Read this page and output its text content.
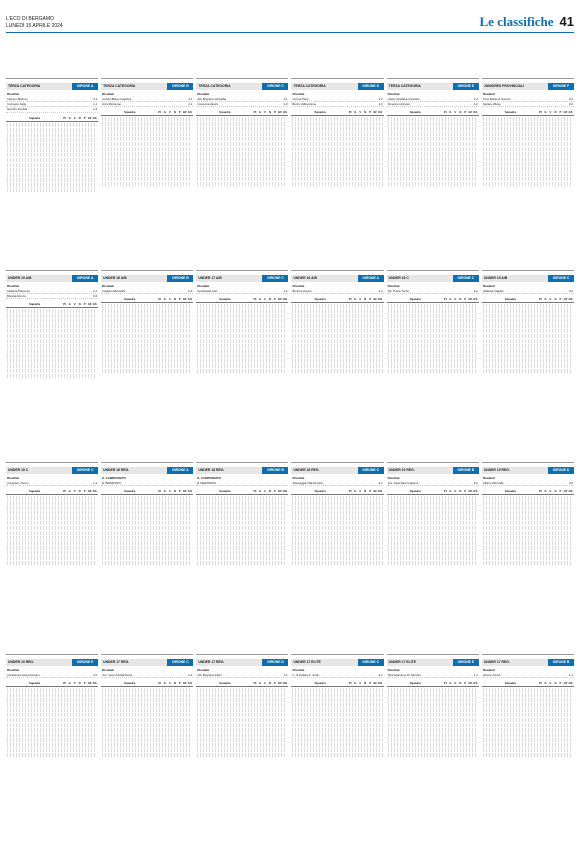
L'ECO DI BERGAMO
LUNEDÌ 15 APRILE 2024	Le classifiche 41
TERZA CATEGORIA	GIRONE A
Risultati
Caprino-Madone	3-1
Curnasco-Selle	1-1
Nembro-Pontida	2-3
Squadra	Pt G	V	N	P GF GS
TERZA CATEGORIA	GIRONE B
Risultati
Aurelio Blaise-Casazza	3-1
Arzo-Pedrengo	2-1
Squadra	Pt G	V	N	P GF GS
TERZA CATEGORIA	GIRONE C
Risultati
Alb. Brignano-Ghisalba	1-1
Canonica-Zanica	2-0
Squadra	Pt G	V	N	P GF GS
TERZA CATEGORIA	GIRONE D
Risultati
Gromo-Parre	2-2
Berzo-Valbondione	1-0
Squadra	Pt G	V	N	P GF GS
TERZA CATEGORIA	GIRONE E
Risultati
Calcio Ghisalba-Carobbio	1-2
Almenno-Urgnano	1-0
Squadra	Pt G	V	N	P GF GS
JUNIORES PROVINCIALI	GIRONE F
Risultati
Torre Boldone-Scanzo	0-2
Seriate-Villese	2-0
Squadra	Pt G	V	N	P GF GS
UNDER 19 A/B	GIRONE A
Risultati
Atalanta-Piacenza	2-1
Brescia-Monza	0-0
Squadra	Pt G	V	N	P GF GS
UNDER 18 A/B	GIRONE B
Risultati
Cagliari-Albinoleffe	0-3
Squadra	Pt G	V	N	P GF GS
UNDER 17 A/B	GIRONE C
Risultati
Feralpisalò-Inter	1-2
Squadra	Pt G	V	N	P GF GS
UNDER 16 A/B	GIRONE A
Risultati
Brescia-Verona	1-3
Squadra	Pt G	V	N	P GF GS
UNDER 16 C	GIRONE C
Risultati
Alb. Ponte-Torino	1-2
Squadra	Pt G	V	N	P GF GS
UNDER 15 A/B	GIRONE C
Risultati
Atalanta-Cagliari	3-2
Squadra	Pt G	V	N	P GF GS
UNDER 15 C	GIRONE C
Risultati
Arzignano-Trento	1-2
Squadra	Pt G	V	N	P GF GS
UNDER 18 REG.	GIRONE A
IL CAMPIONATO
È TERMINATO
Squadra	Pt G	V	N	P GF GS
UNDER 18 REG.	GIRONE B
IL CAMPIONATO
È TERMINATO
Squadra	Pt G	V	N	P GF GS
UNDER 18 REG.	GIRONE C
Risultati
Albosaggia-Villa Nembro	3-1
Squadra	Pt G	V	N	P GF GS
UNDER 19 REG.	GIRONE B
Risultati
Acc. Isola-Real Calepina	3-0
Squadra	Pt G	V	N	P GF GS
UNDER 19 REG.	GIRONE D
Risultati
Albino-Villa Valle	3-0
Squadra	Pt G	V	N	P GF GS
UNDER 19 REG.	GIRONE E
Risultati
Accademia Isola-Ciserano	2-0
Squadra	Pt G	V	N	P GF GS
UNDER 17 REG.	GIRONE C
Risultati
Acc. Gera d'Adda-Ponte	2-2
Squadra	Pt G	V	N	P GF GS
UNDER 17 REG.	GIRONE D
Risultati
Alb. Brignano-Falco	1-1
Squadra	Pt G	V	N	P GF GS
UNDER 17 ELITE	GIRONE C
Risultati
C. di Ogliata-C. Sotto	3-1
Squadra	Pt G	V	N	P GF GS
UNDER 17 ELITE	GIRONE E
Risultati
Albinogandino-Atl. Mornico	1-1
Squadra	Pt G	V	N	P GF GS
UNDER 17 REG.	GIRONE B
Risultati
Arcene-Trezzo	1-1
Squadra	Pt G	V	N	P GF GS
